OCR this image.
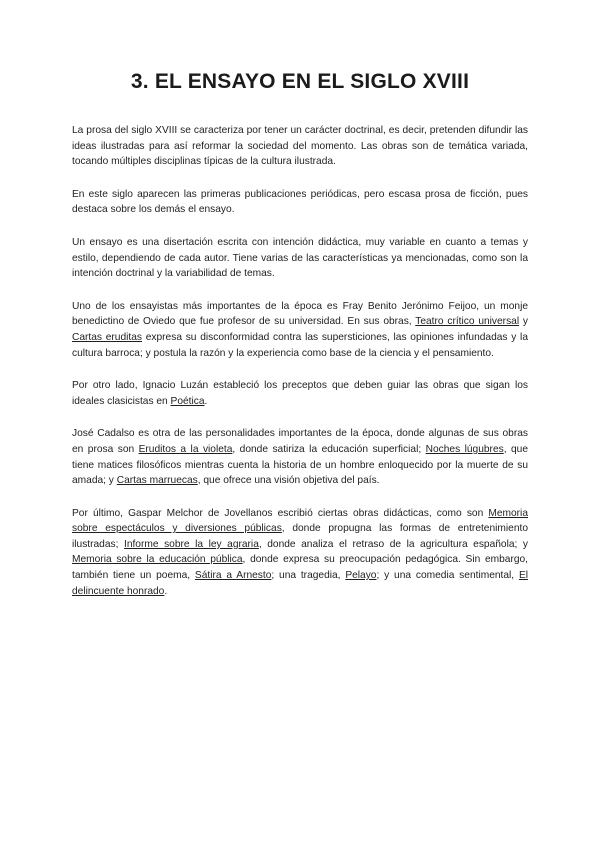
3. EL ENSAYO EN EL SIGLO XVIII

La prosa del siglo XVIII se caracteriza por tener un carácter doctrinal, es decir, pretenden difundir las ideas ilustradas para así reformar la sociedad del momento. Las obras son de temática variada, tocando múltiples disciplinas típicas de la cultura ilustrada.

En este siglo aparecen las primeras publicaciones periódicas, pero escasa prosa de ficción, pues destaca sobre los demás el ensayo.

Un ensayo es una disertación escrita con intención didáctica, muy variable en cuanto a temas y estilo, dependiendo de cada autor. Tiene varias de las características ya mencionadas, como son la intención doctrinal y la variabilidad de temas.

Uno de los ensayistas más importantes de la época es Fray Benito Jerónimo Feijoo, un monje benedictino de Oviedo que fue profesor de su universidad. En sus obras, Teatro crítico universal y Cartas eruditas expresa su disconformidad contra las supersticiones, las opiniones infundadas y la cultura barroca; y postula la razón y la experiencia como base de la ciencia y el pensamiento.

Por otro lado, Ignacio Luzán estableció los preceptos que deben guiar las obras que sigan los ideales clasicistas en Poética.

José Cadalso es otra de las personalidades importantes de la época, donde algunas de sus obras en prosa son Eruditos a la violeta, donde satiriza la educación superficial; Noches lúgubres, que tiene matices filosóficos mientras cuenta la historia de un hombre enloquecido por la muerte de su amada; y Cartas marruecas, que ofrece una visión objetiva del país.

Por último, Gaspar Melchor de Jovellanos escribió ciertas obras didácticas, como son Memoria sobre espectáculos y diversiones públicas, donde propugna las formas de entretenimiento ilustradas; Informe sobre la ley agraria, donde analiza el retraso de la agricultura española; y Memoria sobre la educación pública, donde expresa su preocupación pedagógica. Sin embargo, también tiene un poema, Sátira a Arnesto; una tragedia, Pelayo; y una comedia sentimental, El delincuente honrado.
